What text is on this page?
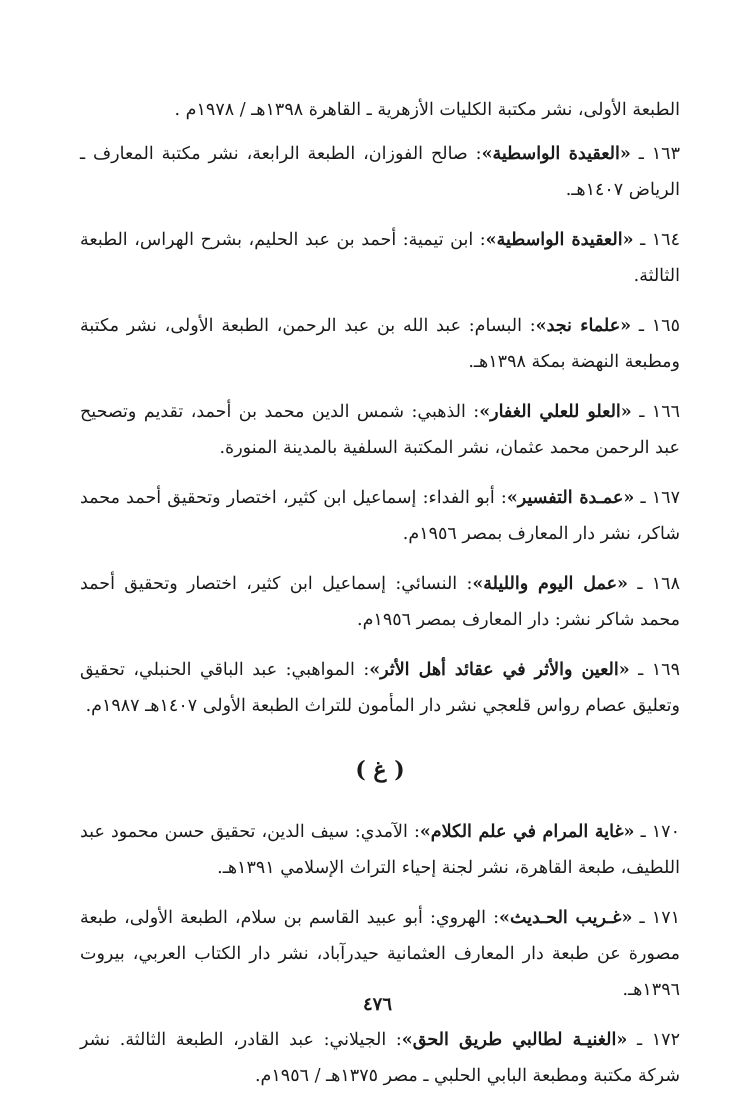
الطبعة الأولى، نشر مكتبة الكليات الأزهرية ـ القاهرة ١٣٩٨هـ / ١٩٧٨م .
١٦٣ ـ «العقيدة الواسطية»: صالح الفوزان، الطبعة الرابعة، نشر مكتبة المعارف ـ الرياض ١٤٠٧هـ.
١٦٤ ـ «العقيدة الواسطية»: ابن تيمية: أحمد بن عبد الحليم، بشرح الهراس، الطبعة الثالثة.
١٦٥ ـ «علماء نجد»: البسام: عبد الله بن عبد الرحمن، الطبعة الأولى، نشر مكتبة ومطبعة النهضة بمكة ١٣٩٨هـ.
١٦٦ ـ «العلو للعلي الغفار»: الذهبي: شمس الدين محمد بن أحمد، تقديم وتصحيح عبد الرحمن محمد عثمان، نشر المكتبة السلفية بالمدينة المنورة.
١٦٧ ـ «عمـدة التفسير»: أبو الفداء: إسماعيل ابن كثير، اختصار وتحقيق أحمد محمد شاكر، نشر دار المعارف بمصر ١٩٥٦م.
١٦٨ ـ «عمل اليوم والليلة»: النسائي: إسماعيل ابن كثير، اختصار وتحقيق أحمد محمد شاكر نشر: دار المعارف بمصر ١٩٥٦م.
١٦٩ ـ «العين والأثر في عقائد أهل الأثر»: المواهبي: عبد الباقي الحنبلي، تحقيق وتعليق عصام رواس قلعجي نشر دار المأمون للتراث الطبعة الأولى ١٤٠٧هـ ١٩٨٧م.
( غ )
١٧٠ ـ «غاية المرام في علم الكلام»: الآمدي: سيف الدين، تحقيق حسن محمود عبد اللطيف، طبعة القاهرة، نشر لجنة إحياء التراث الإسلامي ١٣٩١هـ.
١٧١ ـ «غـريب الحـديث»: الهروي: أبو عبيد القاسم بن سلام، الطبعة الأولى، طبعة مصورة عن طبعة دار المعارف العثمانية حيدرآباد، نشر دار الكتاب العربي، بيروت ١٣٩٦هـ.
١٧٢ ـ «الغنيـة لطالبي طريق الحق»: الجيلاني: عبد القادر، الطبعة الثالثة. نشر شركة مكتبة ومطبعة البابي الحلبي ـ مصر ١٣٧٥هـ / ١٩٥٦م.
٤٧٦
